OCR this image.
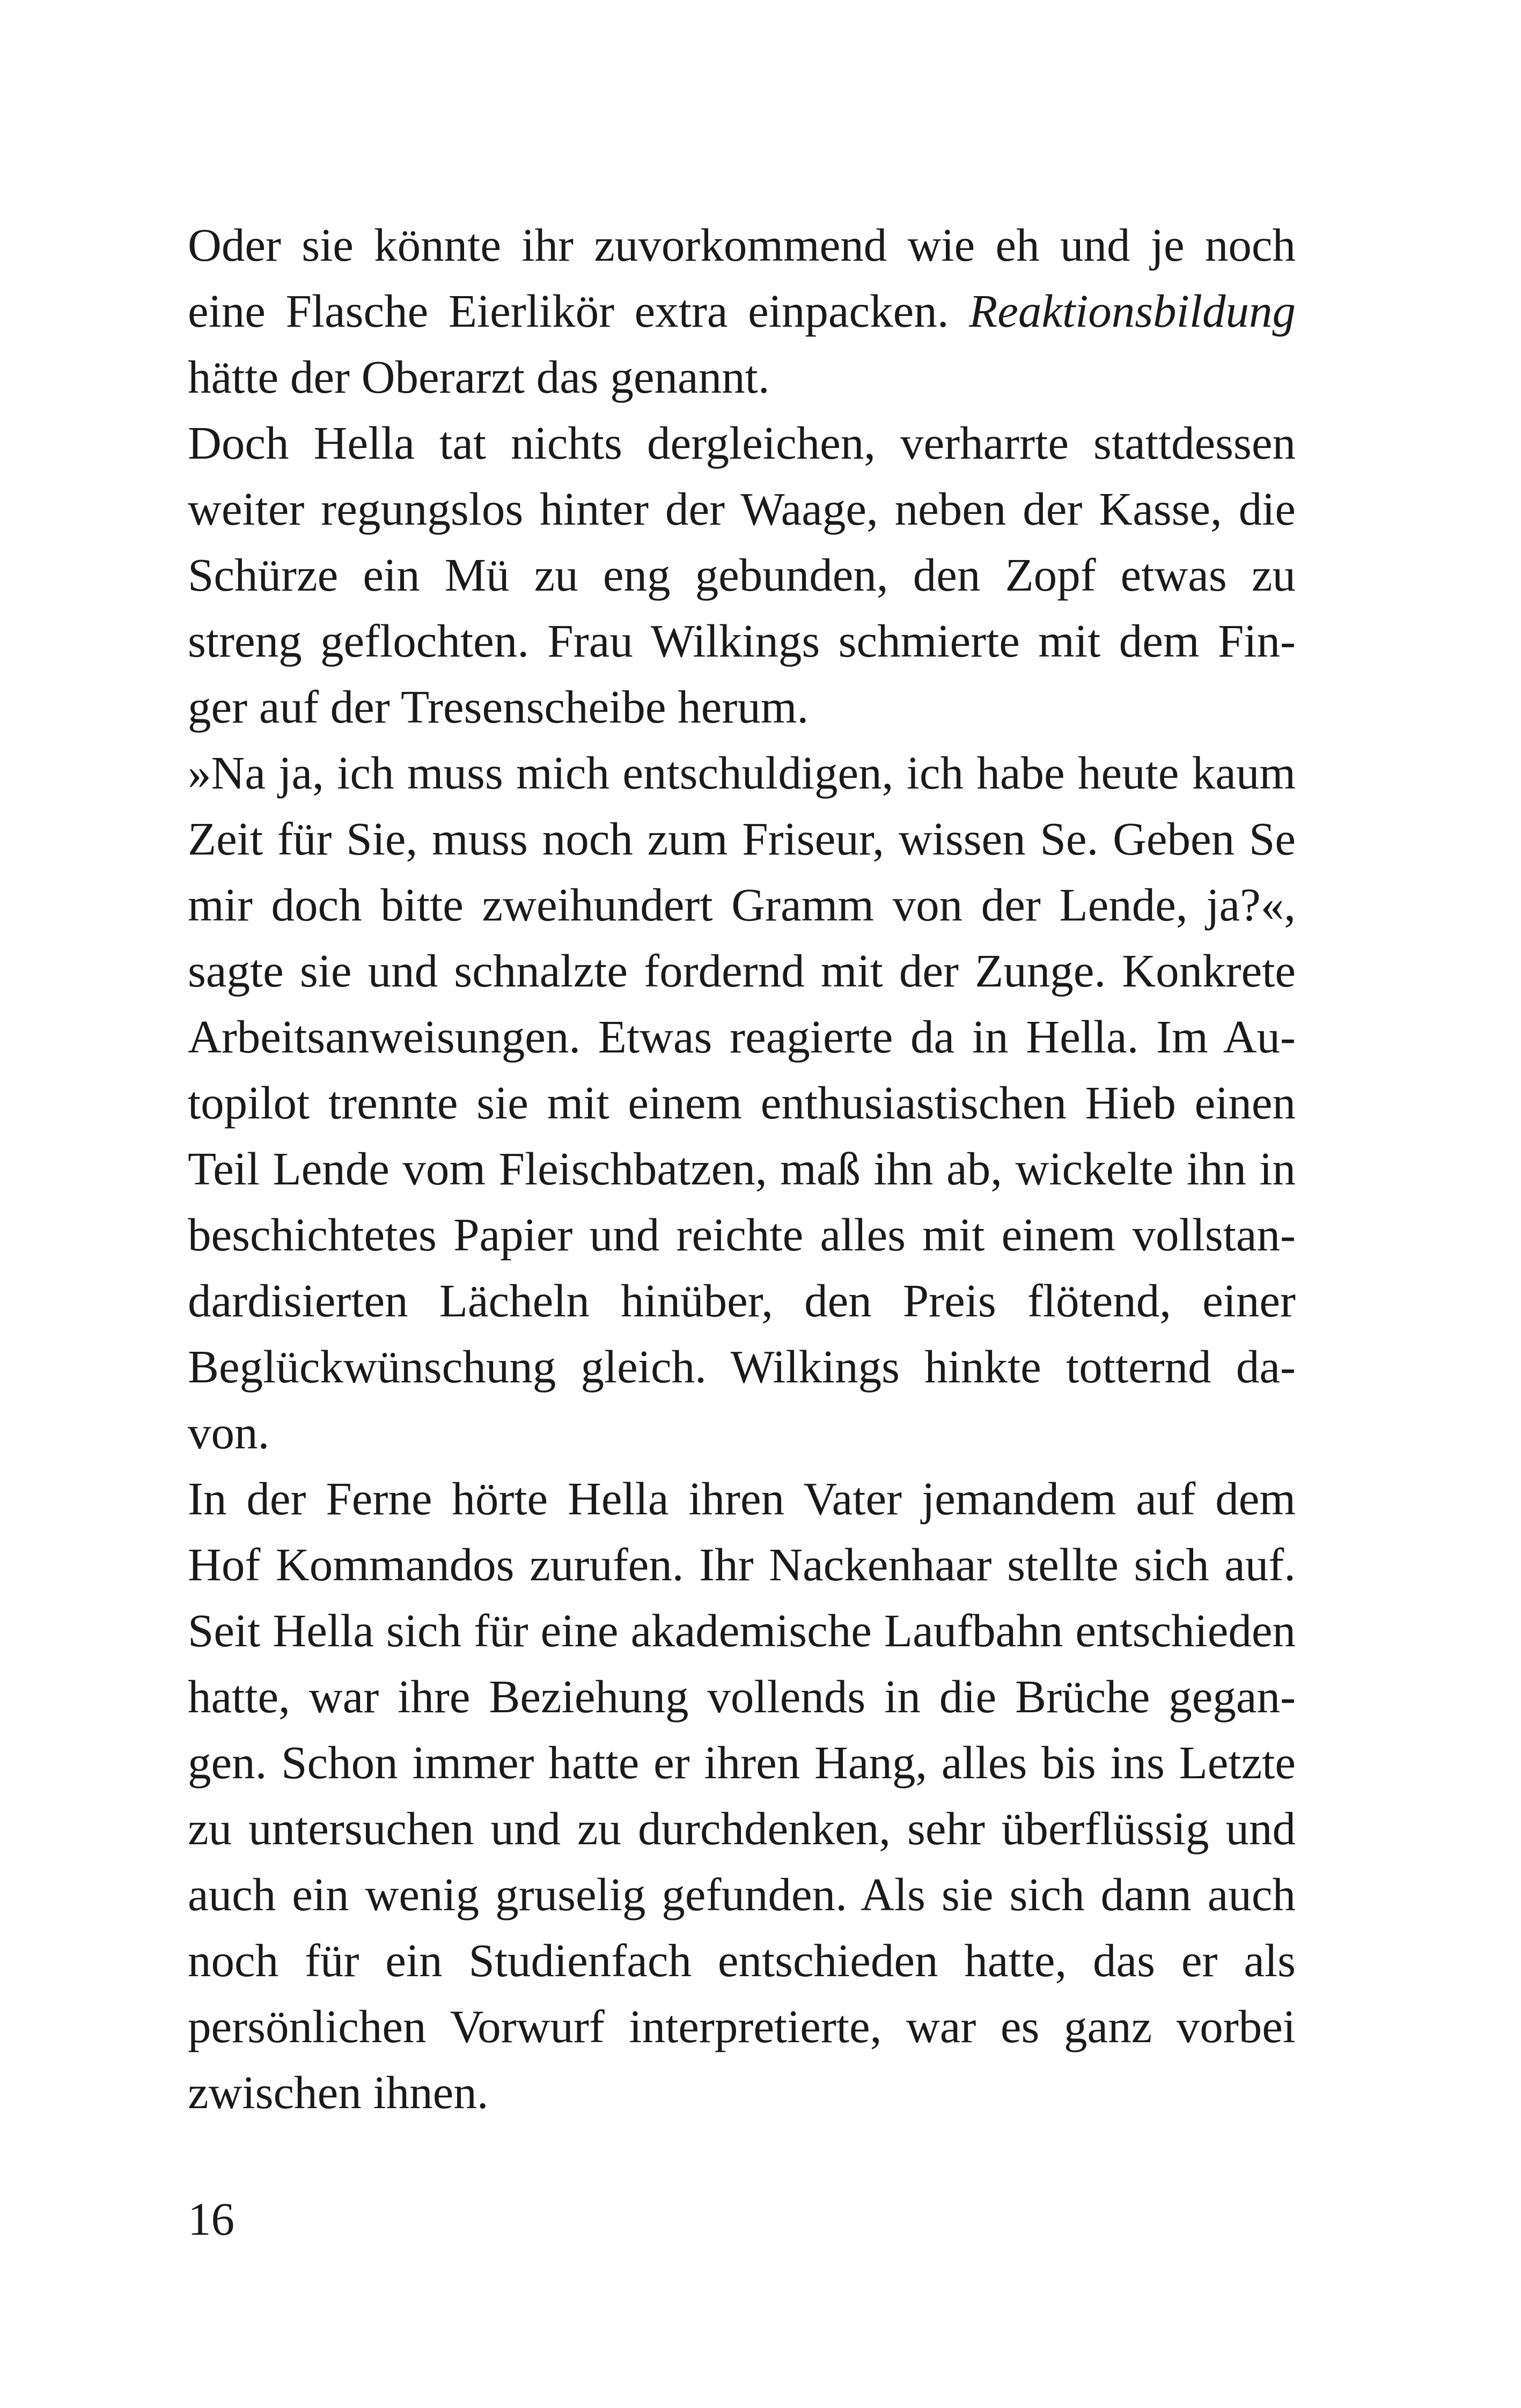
Oder sie könnte ihr zuvorkommend wie eh und je noch
eine Flasche Eierlikör extra einpacken. Reaktionsbildung
hätte der Oberarzt das genannt.
Doch Hella tat nichts dergleichen, verharrte stattdessen
weiter regungslos hinter der Waage, neben der Kasse, die
Schürze ein Mü zu eng gebunden, den Zopf etwas zu
streng geflochten. Frau Wilkings schmierte mit dem Fin-
ger auf der Tresenscheibe herum.
»Na ja, ich muss mich entschuldigen, ich habe heute kaum
Zeit für Sie, muss noch zum Friseur, wissen Se. Geben Se
mir doch bitte zweihundert Gramm von der Lende, ja?«,
sagte sie und schnalzte fordernd mit der Zunge. Konkrete
Arbeitsanweisungen. Etwas reagierte da in Hella. Im Au-
topilot trennte sie mit einem enthusiastischen Hieb einen
Teil Lende vom Fleischbatzen, maß ihn ab, wickelte ihn in
beschichtetes Papier und reichte alles mit einem vollstan-
dardisierten Lächeln hinüber, den Preis flötend, einer
Beglückwünschung gleich. Wilkings hinkte totternd da-
von.
In der Ferne hörte Hella ihren Vater jemandem auf dem
Hof Kommandos zurufen. Ihr Nackenhaar stellte sich auf.
Seit Hella sich für eine akademische Laufbahn entschieden
hatte, war ihre Beziehung vollends in die Brüche gegan-
gen. Schon immer hatte er ihren Hang, alles bis ins Letzte
zu untersuchen und zu durchdenken, sehr überflüssig und
auch ein wenig gruselig gefunden. Als sie sich dann auch
noch für ein Studienfach entschieden hatte, das er als
persönlichen Vorwurf interpretierte, war es ganz vorbei
zwischen ihnen.
16
